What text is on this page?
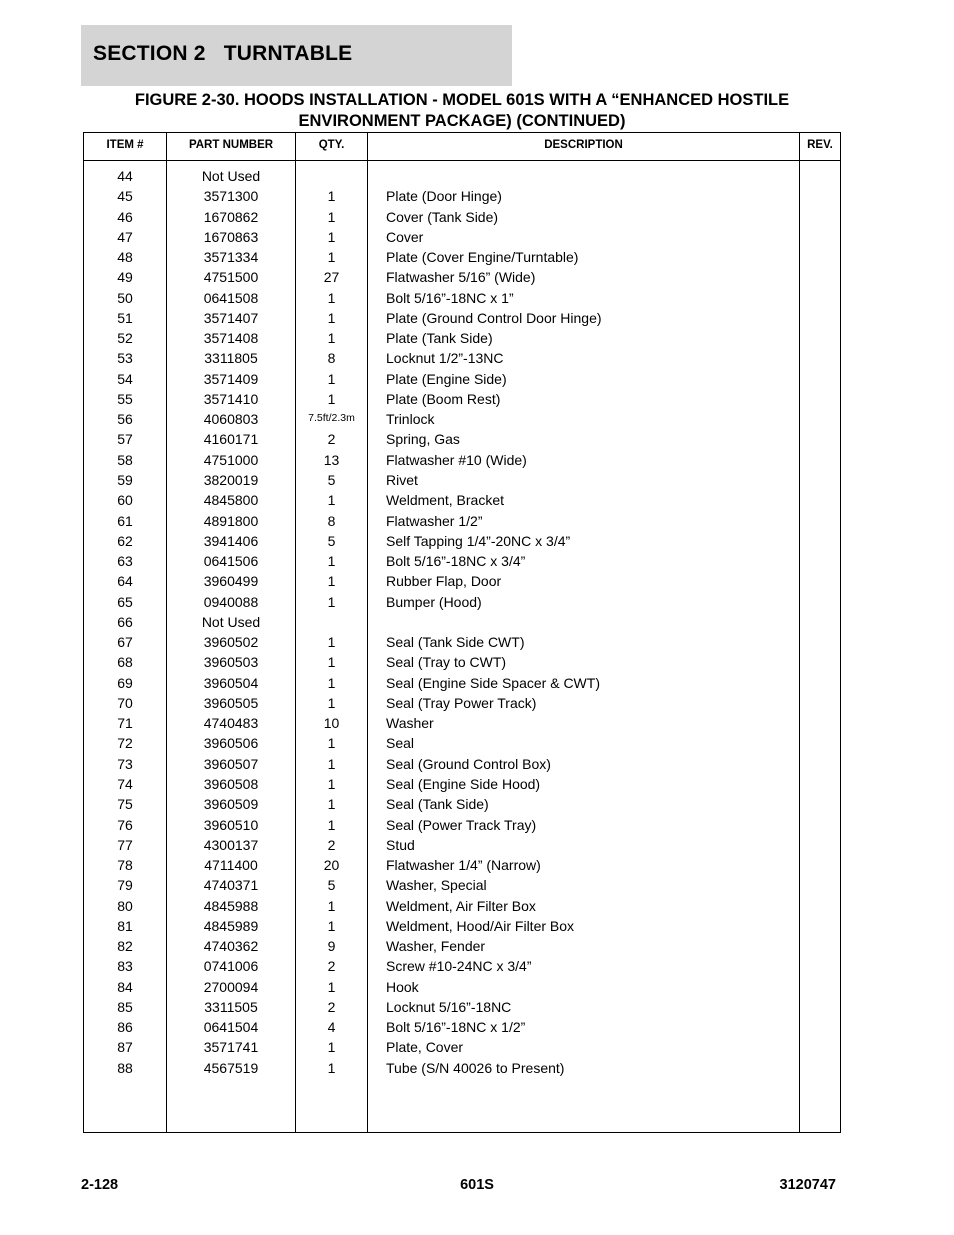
SECTION 2   TURNTABLE
FIGURE 2-30. HOODS INSTALLATION - MODEL 601S WITH A “ENHANCED HOSTILE
ENVIRONMENT PACKAGE) (CONTINUED)
ITEM #	PART NUMBER	QTY.	DESCRIPTION	REV.
44	Not Used
45	3571300	1	Plate (Door Hinge)
46	1670862	1	Cover (Tank Side)
47	1670863	1	Cover
48	3571334	1	Plate (Cover Engine/Turntable)
49	4751500	27	Flatwasher 5/16” (Wide)
50	0641508	1	Bolt 5/16”-18NC x 1”
51	3571407	1	Plate (Ground Control Door Hinge)
52	3571408	1	Plate (Tank Side)
53	3311805	8	Locknut 1/2”-13NC
54	3571409	1	Plate (Engine Side)
55	3571410	1	Plate (Boom Rest)
56	4060803	7.5ft/2.3m	Trinlock
57	4160171	2	Spring, Gas
58	4751000	13	Flatwasher #10 (Wide)
59	3820019	5	Rivet
60	4845800	1	Weldment, Bracket
61	4891800	8	Flatwasher 1/2”
62	3941406	5	Self Tapping 1/4”-20NC x 3/4”
63	0641506	1	Bolt 5/16”-18NC x 3/4”
64	3960499	1	Rubber Flap, Door
65	0940088	1	Bumper (Hood)
66	Not Used
67	3960502	1	Seal (Tank Side CWT)
68	3960503	1	Seal (Tray to CWT)
69	3960504	1	Seal (Engine Side Spacer & CWT)
70	3960505	1	Seal (Tray Power Track)
71	4740483	10	Washer
72	3960506	1	Seal
73	3960507	1	Seal (Ground Control Box)
74	3960508	1	Seal (Engine Side Hood)
75	3960509	1	Seal (Tank Side)
76	3960510	1	Seal (Power Track Tray)
77	4300137	2	Stud
78	4711400	20	Flatwasher 1/4” (Narrow)
79	4740371	5	Washer, Special
80	4845988	1	Weldment, Air Filter Box
81	4845989	1	Weldment, Hood/Air Filter Box
82	4740362	9	Washer, Fender
83	0741006	2	Screw #10-24NC x 3/4”
84	2700094	1	Hook
85	3311505	2	Locknut 5/16”-18NC
86	0641504	4	Bolt 5/16”-18NC x 1/2”
87	3571741	1	Plate, Cover
88	4567519	1	Tube (S/N 40026 to Present)
2-128	601S	3120747
